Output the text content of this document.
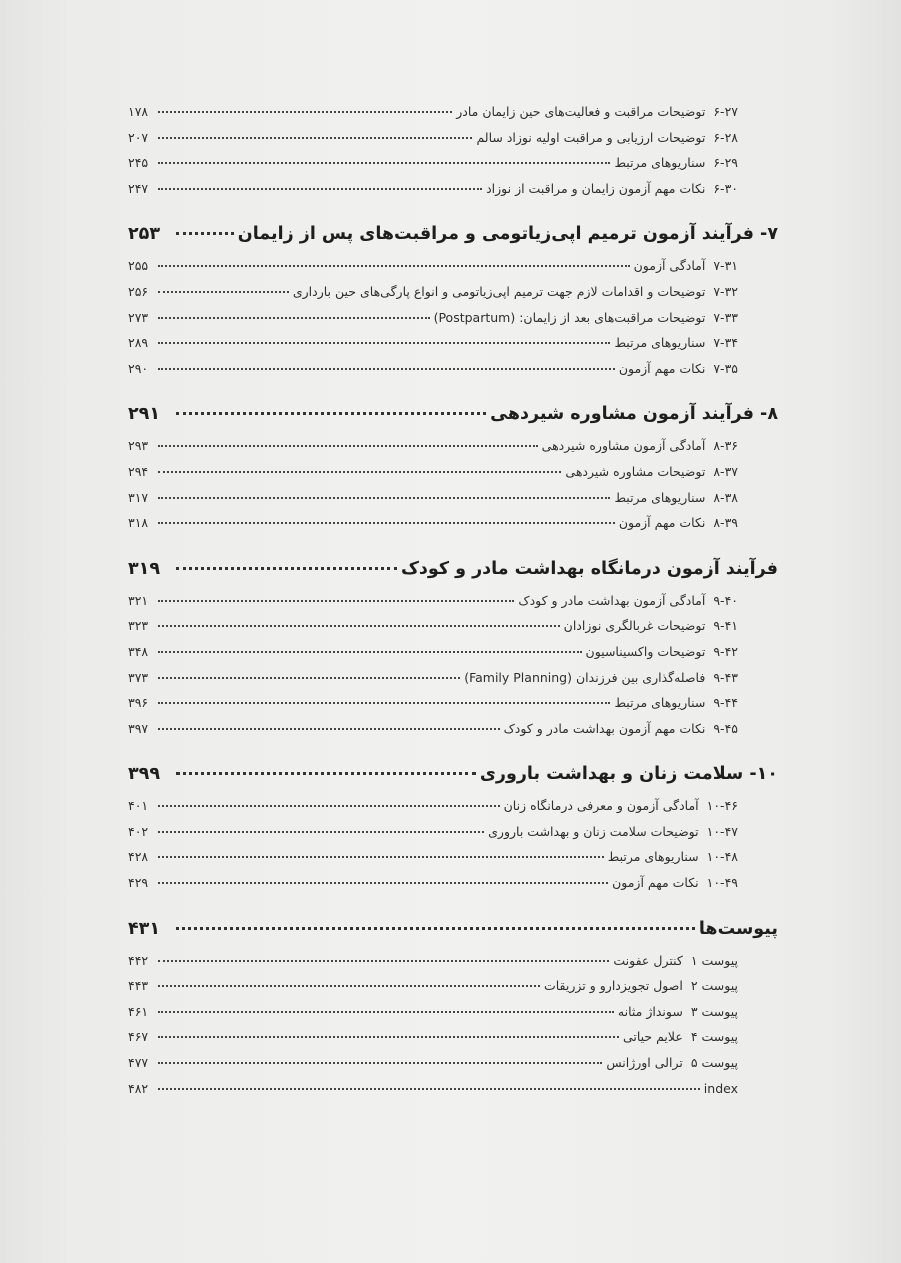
۶-۲۷
توضیحات مراقبت و فعالیت‌های حین زایمان مادر
۱۷۸
۶-۲۸
توضیحات ارزیابی و مراقبت اولیه نوزاد سالم
۲۰۷
۶-۲۹
سناریوهای مرتبط
۲۴۵
۶-۳۰
نکات مهم آزمون زایمان و مراقبت از نوزاد
۲۴۷
۷- فرآیند آزمون ترمیم اپی‌زیاتومی و مراقبت‌های پس از زایمان
۲۵۳
۷-۳۱
آمادگی آزمون
۲۵۵
۷-۳۲
توضیحات و اقدامات لازم جهت ترمیم اپی‌زیاتومی و انواع پارگی‌های حین بارداری
۲۵۶
۷-۳۳
توضیحات مراقبت‌های بعد از زایمان: (Postpartum)
۲۷۳
۷-۳۴
سناریوهای مرتبط
۲۸۹
۷-۳۵
نکات مهم آزمون
۲۹۰
۸- فرآیند آزمون مشاوره شیردهی
۲۹۱
۸-۳۶
آمادگی آزمون مشاوره شیردهی
۲۹۳
۸-۳۷
توضیحات مشاوره شیردهی
۲۹۴
۸-۳۸
سناریوهای مرتبط
۳۱۷
۸-۳۹
نکات مهم آزمون
۳۱۸
فرآیند آزمون درمانگاه بهداشت مادر و کودک
۳۱۹
۹-۴۰
آمادگی آزمون بهداشت مادر و کودک
۳۲۱
۹-۴۱
توضیحات غربالگری نوزادان
۳۲۳
۹-۴۲
توضیحات واکسیناسیون
۳۴۸
۹-۴۳
فاصله‌گذاری بین فرزندان (Family Planning)
۳۷۳
۹-۴۴
سناریوهای مرتبط
۳۹۶
۹-۴۵
نکات مهم آزمون بهداشت مادر و کودک
۳۹۷
۱۰- سلامت زنان و بهداشت باروری
۳۹۹
۱۰-۴۶
آمادگی آزمون و معرفی درمانگاه زنان
۴۰۱
۱۰-۴۷
توضیحات سلامت زنان و بهداشت باروری
۴۰۲
۱۰-۴۸
سناریوهای مرتبط
۴۲۸
۱۰-۴۹
نکات مهم آزمون
۴۲۹
پیوست‌ها
۴۳۱
پیوست ۱
کنترل عفونت
۴۴۲
پیوست ۲
اصول تجویزدارو و تزریقات
۴۴۳
پیوست ۳
سونداژ مثانه
۴۶۱
پیوست ۴
علایم حیاتی
۴۶۷
پیوست ۵
ترالی اورژانس
۴۷۷
index
۴۸۲
